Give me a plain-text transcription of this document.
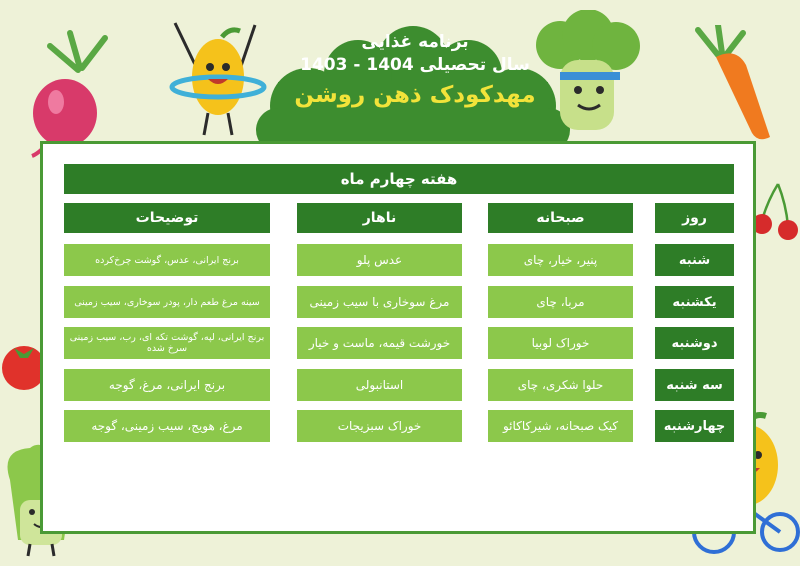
برنامه غذایی
سال تحصیلی 1404 - 1403
مهدکودک ذهن روشن
هفته چهارم ماه
توضیحات	ناهار	صبحانه	روز
برنج ایرانی، عدس، گوشت چرخ‌کرده	عدس پلو	پنیر، خیار، چای	شنبه
سینه مرغ طعم دار، پودر سوخاری، سیب زمینی	مرغ سوخاری با سیب زمینی	مربا، چای	یکشنبه
برنج ایرانی، لپه، گوشت تکه ای، رب، سیب زمینی سرخ شده	خورشت قیمه، ماست و خیار	خوراک لوبیا	دوشنبه
برنج ایرانی، مرغ، گوجه	استانبولی	حلوا شکری، چای	سه شنبه
مرغ، هویج، سیب زمینی، گوجه	خوراک سبزیجات	کیک صبحانه، شیرکاکائو	چهارشنبه
